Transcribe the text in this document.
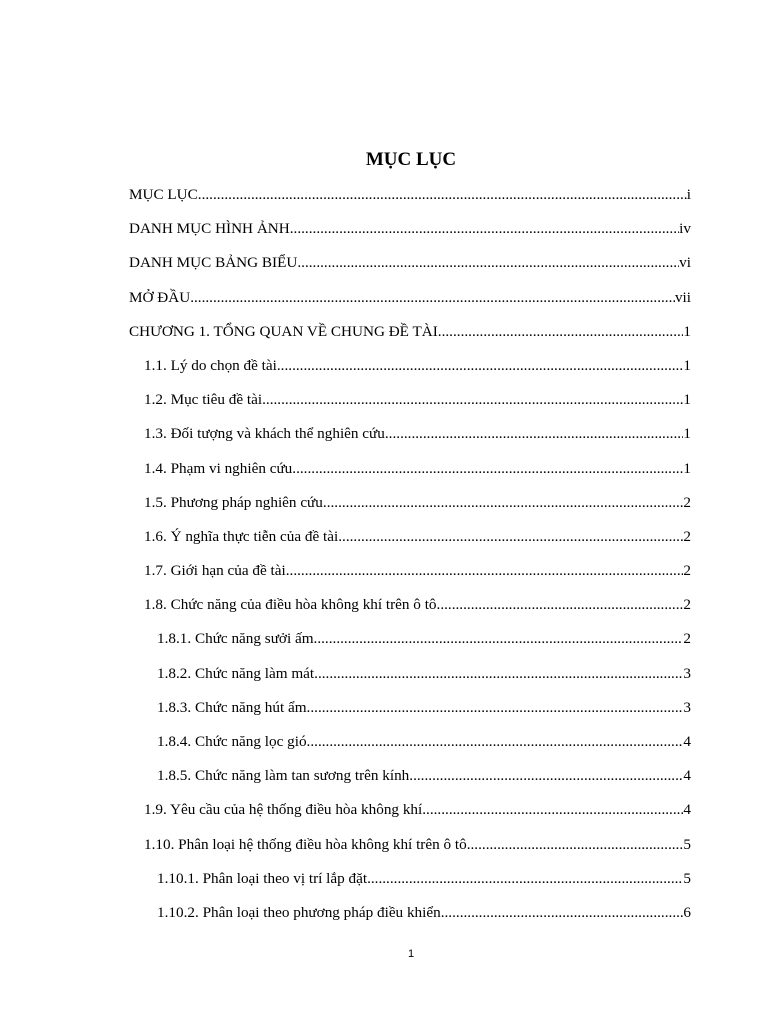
MỤC LỤC
MỤC LỤC .....	i
DANH MỤC HÌNH ẢNH .....	iv
DANH MỤC BẢNG BIỂU .....	vi
MỞ ĐẦU .....	vii
CHƯƠNG 1. TỔNG QUAN VỀ CHUNG ĐỀ TÀI .....	1
1.1. Lý do chọn đề tài .....	1
1.2. Mục tiêu đề tài .....	1
1.3. Đối tượng và khách thể nghiên cứu .....	1
1.4. Phạm vi nghiên cứu .....	1
1.5. Phương pháp nghiên cứu .....	2
1.6. Ý nghĩa thực tiễn của đề tài .....	2
1.7. Giới hạn của đề tài .....	2
1.8. Chức năng của điều hòa không khí trên ô tô .....	2
1.8.1. Chức năng sưởi ấm .....	2
1.8.2. Chức năng làm mát .....	3
1.8.3. Chức năng hút ẩm .....	3
1.8.4. Chức năng lọc gió .....	4
1.8.5. Chức năng làm tan sương trên kính .....	4
1.9. Yêu cầu của hệ thống điều hòa không khí .....	4
1.10. Phân loại hệ thống điều hòa không khí trên ô tô .....	5
1.10.1. Phân loại theo vị trí lắp đặt .....	5
1.10.2. Phân loại theo phương pháp điều khiển .....	6
1
